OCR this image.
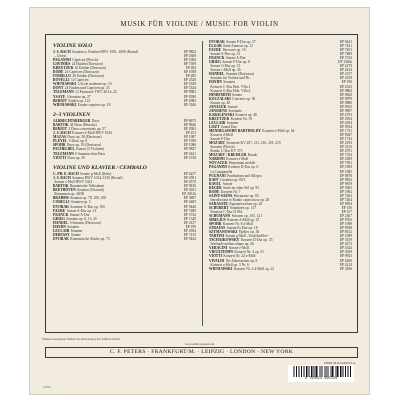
MUSIK FÜR VIOLINE / MUSIC FOR VIOLIN
VIOLINE SOLO
J. S. BACH Sonaten u. Partiten BWV 1001–1006 (Rostal)	EP 9852
– Urtext	EP 4308
PAGANINI Capricen (Flesch)	EP 1984
GAVINIÈS 24 Etüden (Davisson)	EP 7059
KREUTZER 42 Etüden (Davisson)	EP 284
RODE 24 Capricen (Davisson)	EP 1958
FIORILLO 36 Etüden (Davisson)	EP 285
ROVELLI 12 Capricen	EP 2526
WIENIAWSKI L'école moderne op. 10	EP 3339
DONT 24 Etüden und Capricen op. 35	EP 3344
TELEMANN 12 Fantasien TWV 40:14–25	EP 9982
YSAŸE 6 Sonaten op. 27	EP 8390
BÉRIOT Etüden op. 123	EP 2983
WIENIAWSKI Etudes-caprices op. 18	EP 3346
2–3 VIOLINEN
ALBRECHTSBERGER Duos	EP 8675
BARTÓK 44 Duos (Hertzka)	EP 9846
BÉRIOT 3 Duos concertants op. 57	EP 2981
J. S. BACH Konzert d-Moll BWV 1043	EP 231
MAZAS Duos op. 38 (Davisson)	EP 1987
PLEYEL 6 Duos op. 8	EP 1958
SPOHR Duos op. 39 (Davisson)	EP 1086
PACHELBEL Kanon (3 Violinen)	EP 9847
TELEMANN 6 Sonaten ohne Bass	EP 4421
VIOTTI Duos op. 29	EP 1918
VIOLINE UND KLAVIER / CEMBALO
C. PH. E. BACH Sonate g-Moll (Kehr)	EP 4237
J. S. BACH Sonaten BWV 1014–1019 (Rostal)	EP 4591
Sonate e-Moll BWV 1023	EP 4570
BARTÓK Rumänische Volkstänze	EP 9816
BEETHOVEN Sonaten (Oistrach)	EP 3031
Romanzen op. 40/50	EP 3031b
BRAHMS Sonaten op. 78, 100, 108	EP 3897
CORELLI Sonaten op. 5	EP 4485
DVOŘÁK Sonatine G-Dur op. 100	EP 9440
FAURÉ Sonate A-Dur op. 13	EP 7489
FRANCK Sonate A-Dur	EP 3742
GRIEG Sonaten op. 8, 13, 45	EP 1340
HÄNDEL 6 Sonaten (Davisson)	EP 4157
HAYDN Sonaten	EP 190
LECLAIR Sonaten	EP 4394
DEBUSSY Sonate	EP 7415
DVOŘÁK Romantische Stücke op. 75	EP 9443
DVOŘÁK Sonate F-Dur op. 57	EP 9441
ELGAR Salut d'amour op. 12	EP 7451
FAURÉ Berceuse op. 16	EP 7451
Sonate A-Dur op. 13	EP 7489
FRANCK Sonate A-Dur	EP 3742
GRIEG Sonate F-Dur op. 8	EP 1340a
Sonate G-Dur op. 13	EP 2279
Sonate c-Moll op. 45	EP 2414
HÄNDEL Sonaten (Davisson)	EP 4157
Sonaten für Violine und Bc.	EP 4158
HAYDN Sonaten	EP 190
Konzert C-Dur Hob. VIIa:1	EP 4323
Konzert G-Dur Hob. VIIa:4	EP 9804
HINDEMITH Sonate	EP 9820
KOCZALSKI Concerto op. 58	EP 9879
Sonate op. 40	EP 9880
JANÁČEK Sonate	EP 9925
JANSSENS Serenade	EP 9907
KABALEWSKI Konzert op. 48	EP 4793
KREUTZER Konzert Nr. 19	EP 2954
LECLAIR Sonaten	EP 4394
LISZT Grand Duo	EP 9934
MENDELSSOHN BARTHOLDY Konzert e-Moll op. 64	EP 1731
Konzert d-Moll	EP 9047
Sonate F-Dur	EP 1732
MOZART Konzerte KV 207, 211, 216, 218, 219	EP 2193
Sonaten (Flesch)	EP 3315
Rondo C-Dur KV 373	EP 4791
MOZART / KREISLER Rondo	EP 7354
NARDINI Konzert e-Moll	EP 4309
NOVÁČEK Perpetuum mobile	EP 7391
PAGANINI Konzert D-Dur op. 6	EP 1983
La Campanella	EP 1985
PUGNANI Praeludium und Allegro	EP 9878
RAFF Cavatina op. 85/3	EP 9823
RAVEL Sonate	EP 9819
REGER Suite im alten Stil op. 93	EP 3963
RODE Konzert Nr. 7	EP 1902
SAINT-SAËNS Havanaise op. 83	EP 7263
Introduction et Rondo capriccioso op. 28	EP 7264
SARASATE Zigeunerweisen op. 20	EP 9854
SCHUBERT Sonatinen op. 137	EP 156
Fantasie C-Dur D 934	EP 157
SCHUMANN Sonaten op. 105, 121	EP 2367
SIBELIUS Konzert d-Moll op. 47	EP 9765
SPOHR Konzert Nr. 8 a-Moll	EP 1098
STRAUSS Sonate Es-Dur op. 18	EP 9948
SZYMANOWSKI Mythes op. 30	EP 8012
TARTINI Sonate g-Moll „Teufelstriller“	EP 1099
TSCHAIKOWSKY Konzert D-Dur op. 35	EP 3019
Sérénade mélancolique op. 26	EP 4373
VERACINI Sonate e-Moll	EP 4344
VIEUXTEMPS Konzert Nr. 4 op. 31	EP 3029
VIOTTI Konzert Nr. 22 a-Moll	EP 9933
VIVALDI Die Jahreszeiten op. 8	EP 4206
Konzert a-Moll op. 3 Nr. 6	EP 4214
WIENIAWSKI Konzert Nr. 2 d-Moll op. 22	EP 3296
Weitere Ausgaben finden Sie im Katalog der Edition Peters
www.edition-peters.de
C. F. PETERS · FRANKFURT/M. · LEIPZIG · LONDON · NEW YORK
ISMN M-014-09513-4
9 790014 095134
10056
